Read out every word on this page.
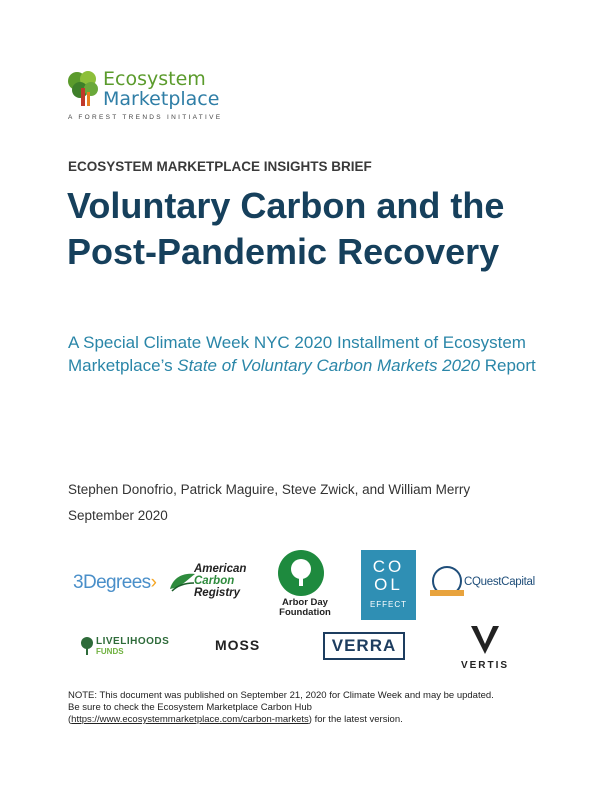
Ecosystem
Marketplace
A FOREST TRENDS INITIATIVE
ECOSYSTEM MARKETPLACE INSIGHTS BRIEF
Voluntary Carbon and the Post-Pandemic Recovery
A Special Climate Week NYC 2020 Installment of Ecosystem Marketplace’s State of Voluntary Carbon Markets 2020 Report
Stephen Donofrio, Patrick Maguire, Steve Zwick, and William Merry
September 2020
3Degrees›
American
Carbon
Registry
Arbor Day
Foundation
CO
OL
EFFECT
CQuestCapital
LIVELIHOODS
FUNDS	MOSS	VERRA
VERTIS
NOTE: This document was published on September 21, 2020 for Climate Week and may be updated.
Be sure to check the Ecosystem Marketplace Carbon Hub
(https://www.ecosystemmarketplace.com/carbon-markets) for the latest version.
